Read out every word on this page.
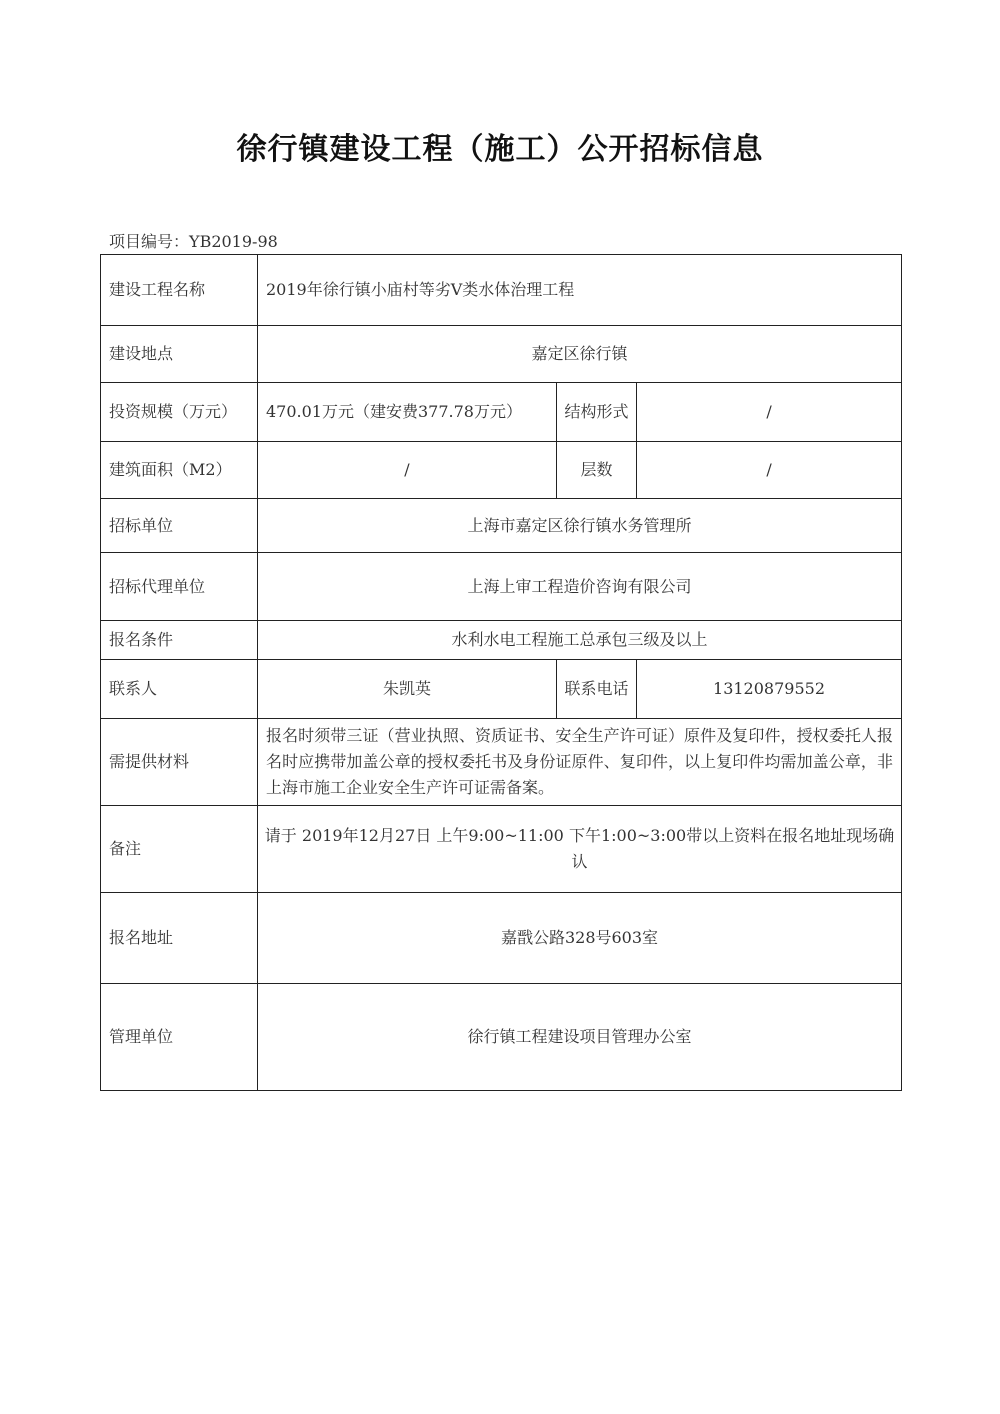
徐行镇建设工程（施工）公开招标信息
项目编号：YB2019-98
建设工程名称	2019年徐行镇小庙村等劣Ⅴ类水体治理工程		
建设地点	嘉定区徐行镇		
投资规模（万元）	470.01万元（建安费377.78万元）	结构形式	/
建筑面积（M2）	/	层数	/
招标单位	上海市嘉定区徐行镇水务管理所		
招标代理单位	上海上审工程造价咨询有限公司		
报名条件	水利水电工程施工总承包三级及以上		
联系人	朱凯英	联系电话	13120879552
需提供材料	报名时须带三证（营业执照、资质证书、安全生产许可证）原件及复印件，授权委托人报名时应携带加盖公章的授权委托书及身份证原件、复印件，以上复印件均需加盖公章，非上海市施工企业安全生产许可证需备案。		
备注	请于 2019年12月27日 上午9:00~11:00 下午1:00~3:00带以上资料在报名地址现场确认		
报名地址	嘉戬公路328号603室		
管理单位	徐行镇工程建设项目管理办公室		
